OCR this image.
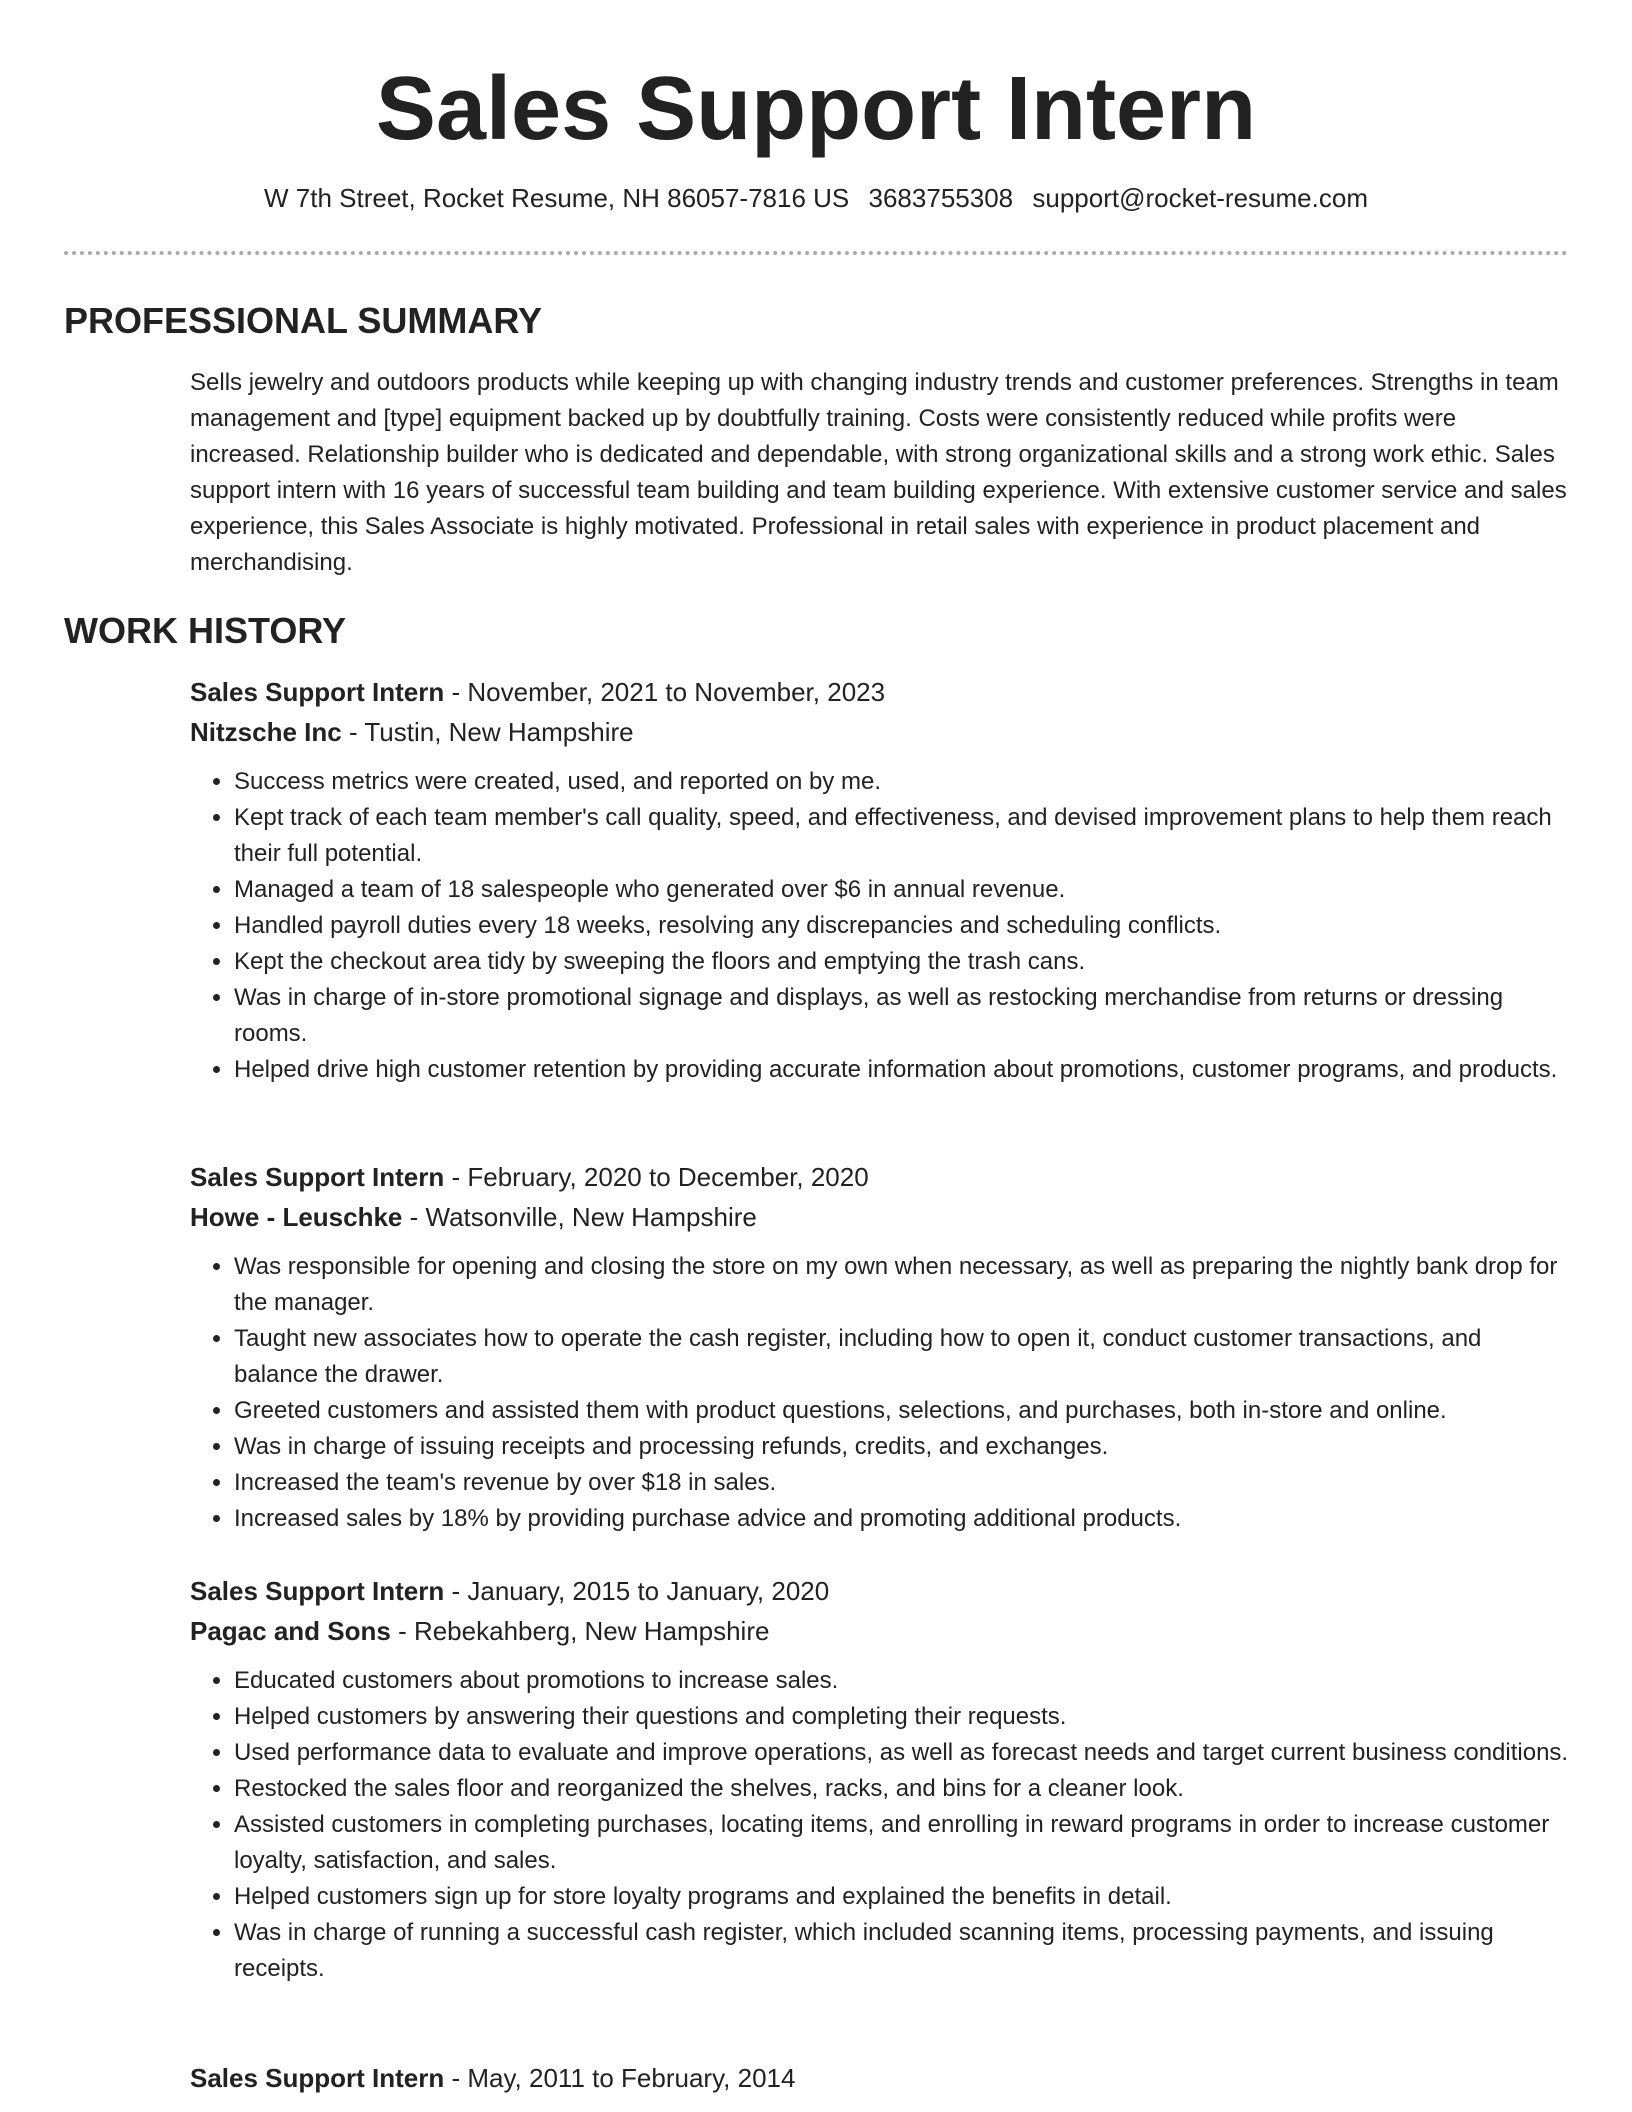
Sales Support Intern
W 7th Street, Rocket Resume, NH 86057-7816 US 3683755308 support@rocket-resume.com
PROFESSIONAL SUMMARY

Sells jewelry and outdoors products while keeping up with changing industry trends and customer preferences. Strengths in team management and [type] equipment backed up by doubtfully training. Costs were consistently reduced while profits were increased. Relationship builder who is dedicated and dependable, with strong organizational skills and a strong work ethic. Sales support intern with 16 years of successful team building and team building experience. With extensive customer service and sales experience, this Sales Associate is highly motivated. Professional in retail sales with experience in product placement and merchandising.

WORK HISTORY
Sales Support Intern - November, 2021 to November, 2023
Nitzsche Inc - Tustin, New Hampshire
• Success metrics were created, used, and reported on by me.
• Kept track of each team member's call quality, speed, and effectiveness, and devised improvement plans to help them reach their full potential.
• Managed a team of 18 salespeople who generated over $6 in annual revenue.
• Handled payroll duties every 18 weeks, resolving any discrepancies and scheduling conflicts.
• Kept the checkout area tidy by sweeping the floors and emptying the trash cans.
• Was in charge of in-store promotional signage and displays, as well as restocking merchandise from returns or dressing rooms.
• Helped drive high customer retention by providing accurate information about promotions, customer programs, and products.
Sales Support Intern - February, 2020 to December, 2020
Howe - Leuschke - Watsonville, New Hampshire
• Was responsible for opening and closing the store on my own when necessary, as well as preparing the nightly bank drop for the manager.
• Taught new associates how to operate the cash register, including how to open it, conduct customer transactions, and balance the drawer.
• Greeted customers and assisted them with product questions, selections, and purchases, both in-store and online.
• Was in charge of issuing receipts and processing refunds, credits, and exchanges.
• Increased the team's revenue by over $18 in sales.
• Increased sales by 18% by providing purchase advice and promoting additional products.
Sales Support Intern - January, 2015 to January, 2020
Pagac and Sons - Rebekahberg, New Hampshire
• Educated customers about promotions to increase sales.
• Helped customers by answering their questions and completing their requests.
• Used performance data to evaluate and improve operations, as well as forecast needs and target current business conditions.
• Restocked the sales floor and reorganized the shelves, racks, and bins for a cleaner look.
• Assisted customers in completing purchases, locating items, and enrolling in reward programs in order to increase customer loyalty, satisfaction, and sales.
• Helped customers sign up for store loyalty programs and explained the benefits in detail.
• Was in charge of running a successful cash register, which included scanning items, processing payments, and issuing receipts.
Sales Support Intern - May, 2011 to February, 2014
